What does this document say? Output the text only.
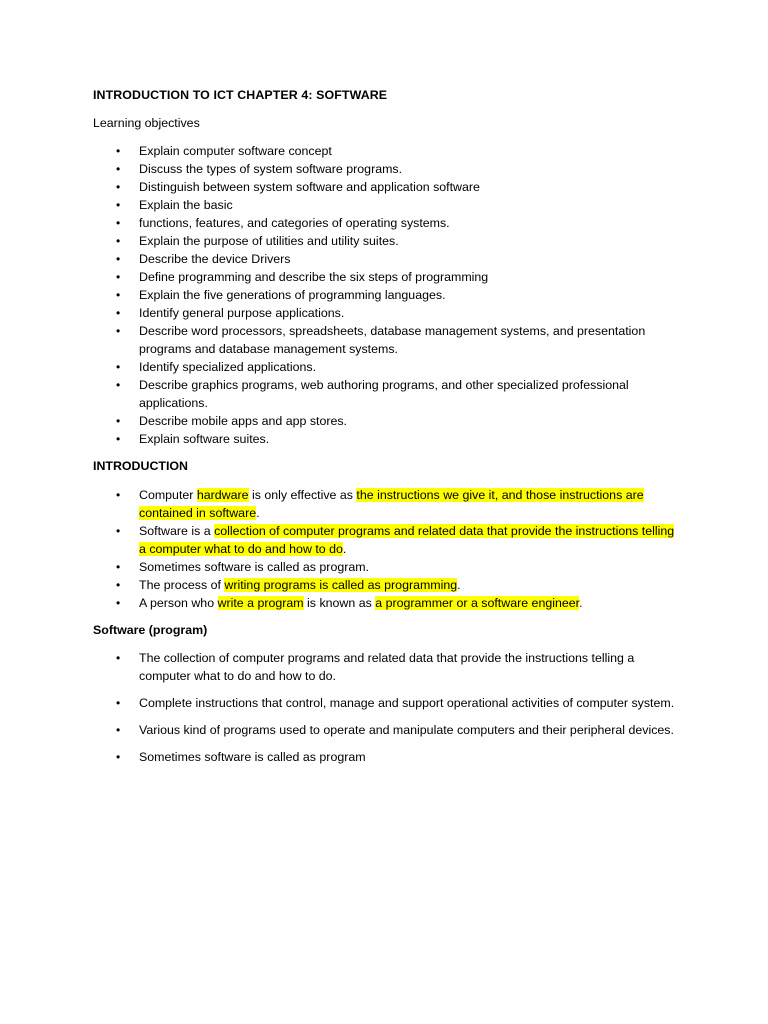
INTRODUCTION TO ICT CHAPTER 4: SOFTWARE

Learning objectives

• Explain computer software concept
• Discuss the types of system software programs.
• Distinguish between system software and application software
• Explain the basic
• functions, features, and categories of operating systems.
• Explain the purpose of utilities and utility suites.
• Describe the device Drivers
• Define programming and describe the six steps of programming
• Explain the five generations of programming languages.
• Identify general purpose applications.
• Describe word processors, spreadsheets, database management systems, and presentation programs and database management systems.
• Identify specialized applications.
• Describe graphics programs, web authoring programs, and other specialized professional applications.
• Describe mobile apps and app stores.
• Explain software suites.

INTRODUCTION

• Computer hardware is only effective as the instructions we give it, and those instructions are contained in software.
• Software is a collection of computer programs and related data that provide the instructions telling a computer what to do and how to do.
• Sometimes software is called as program.
• The process of writing programs is called as programming.
• A person who write a program is known as a programmer or a software engineer.

Software (program)

• The collection of computer programs and related data that provide the instructions telling a computer what to do and how to do.
• Complete instructions that control, manage and support operational activities of computer system.
• Various kind of programs used to operate and manipulate computers and their peripheral devices.
• Sometimes software is called as program
